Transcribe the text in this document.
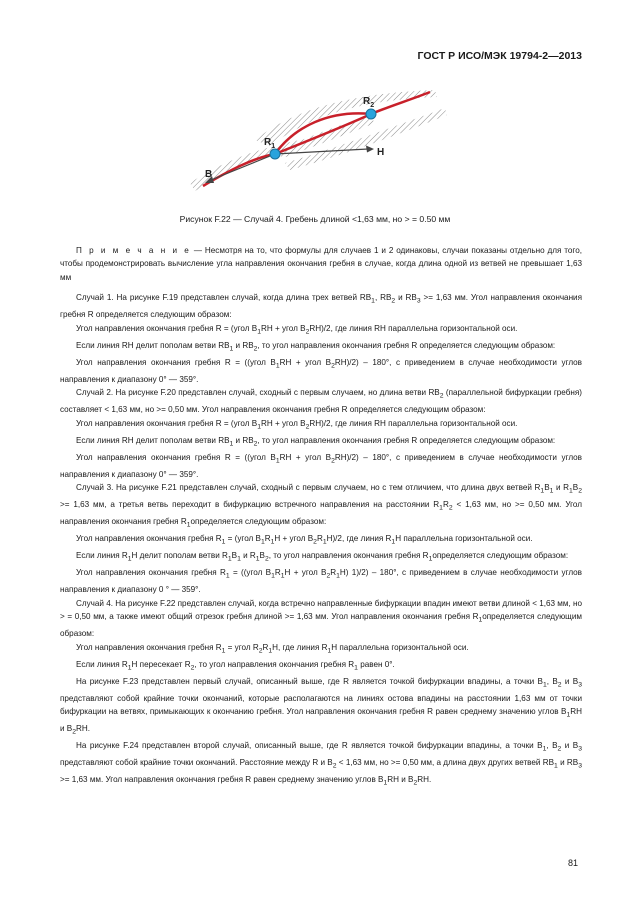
ГОСТ Р ИСО/МЭК 19794-2—2013
$R_1$
$R_2$
B
H
Рисунок F.22 — Случай 4. Гребень длиной <1,63 мм, но > = 0.50 мм

П р и м е ч а н и е — Несмотря на то, что формулы для случаев 1 и 2 одинаковы, случаи показаны отдельно для того, чтобы продемонстрировать вычисление угла направления окончания гребня в случае, когда длина одной из ветвей не превышает 1,63 мм

Случай 1. На рисунке F.19 представлен случай, когда длина трех ветвей $RB_1$, $RB_2$ и $RB_3 >= 1,63$ мм. Угол направления окончания гребня R определяется следующим образом:

Угол направления окончания гребня R = (угол $B_1RH$ + угол $B_2RH)/2$, где линия RH параллельна горизонтальной оси.

Если линия RH делит пополам ветви $RB_1$ и $RB_2$, то угол направления окончания гребня R определяется следующим образом:

Угол направления окончания гребня R = ((угол $B_1RH$ + угол $B_2RH)/2) - 180^\circ$, с приведением в случае необходимости углов направления к диапазону 0° — 359°.

Случай 2. На рисунке F.20 представлен случай, сходный с первым случаем, но длина ветви $RB_2$ (параллельной бифуркации гребня) составляет < 1,63 мм, но >= 0,50 мм. Угол направления окончания гребня R определяется следующим образом:

Угол направления окончания гребня R = (угол $B_1RH$ + угол $B_2RH)/2$, где линия RH параллельна горизонтальной оси.

Если линия RH делит пополам ветви $RB_1$ и $RB_2$, то угол направления окончания гребня R определяется следующим образом:

Угол направления окончания гребня R = ((угол $B_1RH$ + угол $B_2RH)/2) - 180^\circ$, с приведением в случае необходимости углов направления к диапазону 0° — 359°.

Случай 3. На рисунке F.21 представлен случай, сходный с первым случаем, но с тем отличием, что длина двух ветвей $R_1B_1$ и $R_1B_2 >= 1,63$ мм, а третья ветвь переходит в бифуркацию встречного направления на расстоянии $R_1R_2 < 1,63$ мм, но >= 0,50 мм. Угол направления окончания гребня $R_1определяется$ следующим образом:

Угол направления окончания гребня $R_1$ = (угол $B_1R_1H$ + угол $B_2R_1H)/2$, где линия $R_1H$ параллельна горизонтальной оси.

Если линия $R_1H$ делит пополам ветви $R_1B_1$ и $R_1B_2$, то угол направления окончания гребня $R_1определяется$ следующим образом:

Угол направления окончания гребня $R_1$ = ((угол $B_1R_1H$ + угол $B_2R_1H$) 1)/2) – 180°, с приведением в случае необходимости углов направления к диапазону 0 ° — 359°.

Случай 4. На рисунке F.22 представлен случай, когда встречно направленные бифуркации впадин имеют ветви длиной < 1,63 мм, но > = 0,50 мм, а также имеют общий отрезок гребня длиной >= 1,63 мм. Угол направления окончания гребня $R_1определяется$ следующим образом:

Угол направления окончания гребня $R_1$ = угол $R_2R_1H$, где линия $R_1H$ параллельна горизонтальной оси.

Если линия $R_1H$ пересекает $R_2$, то угол направления окончания гребня $R_1$ равен 0°.

На рисунке F.23 представлен первый случай, описанный выше, где R является точкой бифуркации впадины, а точки $B_1$, $B_2$ и $B_3$ представляют собой крайние точки окончаний, которые располагаются на линиях остова впадины на расстоянии 1,63 мм от точки бифуркации на ветвях, примыкающих к окончанию гребня. Угол направления окончания гребня R равен среднему значению углов $B_1RH$ и $B_2RH$.

На рисунке F.24 представлен второй случай, описанный выше, где R является точкой бифуркации впадины, а точки $B_1$, $B_2$ и $B_3$ представляют собой крайние точки окончаний. Расстояние между R и $B_2 < 1,63$ мм, но >= 0,50 мм, а длина двух других ветвей $RB_1$ и $RB_3 >= 1,63$ мм. Угол направления окончания гребня R равен среднему значению углов $B_1RH$ и $B_2RH$.

81
